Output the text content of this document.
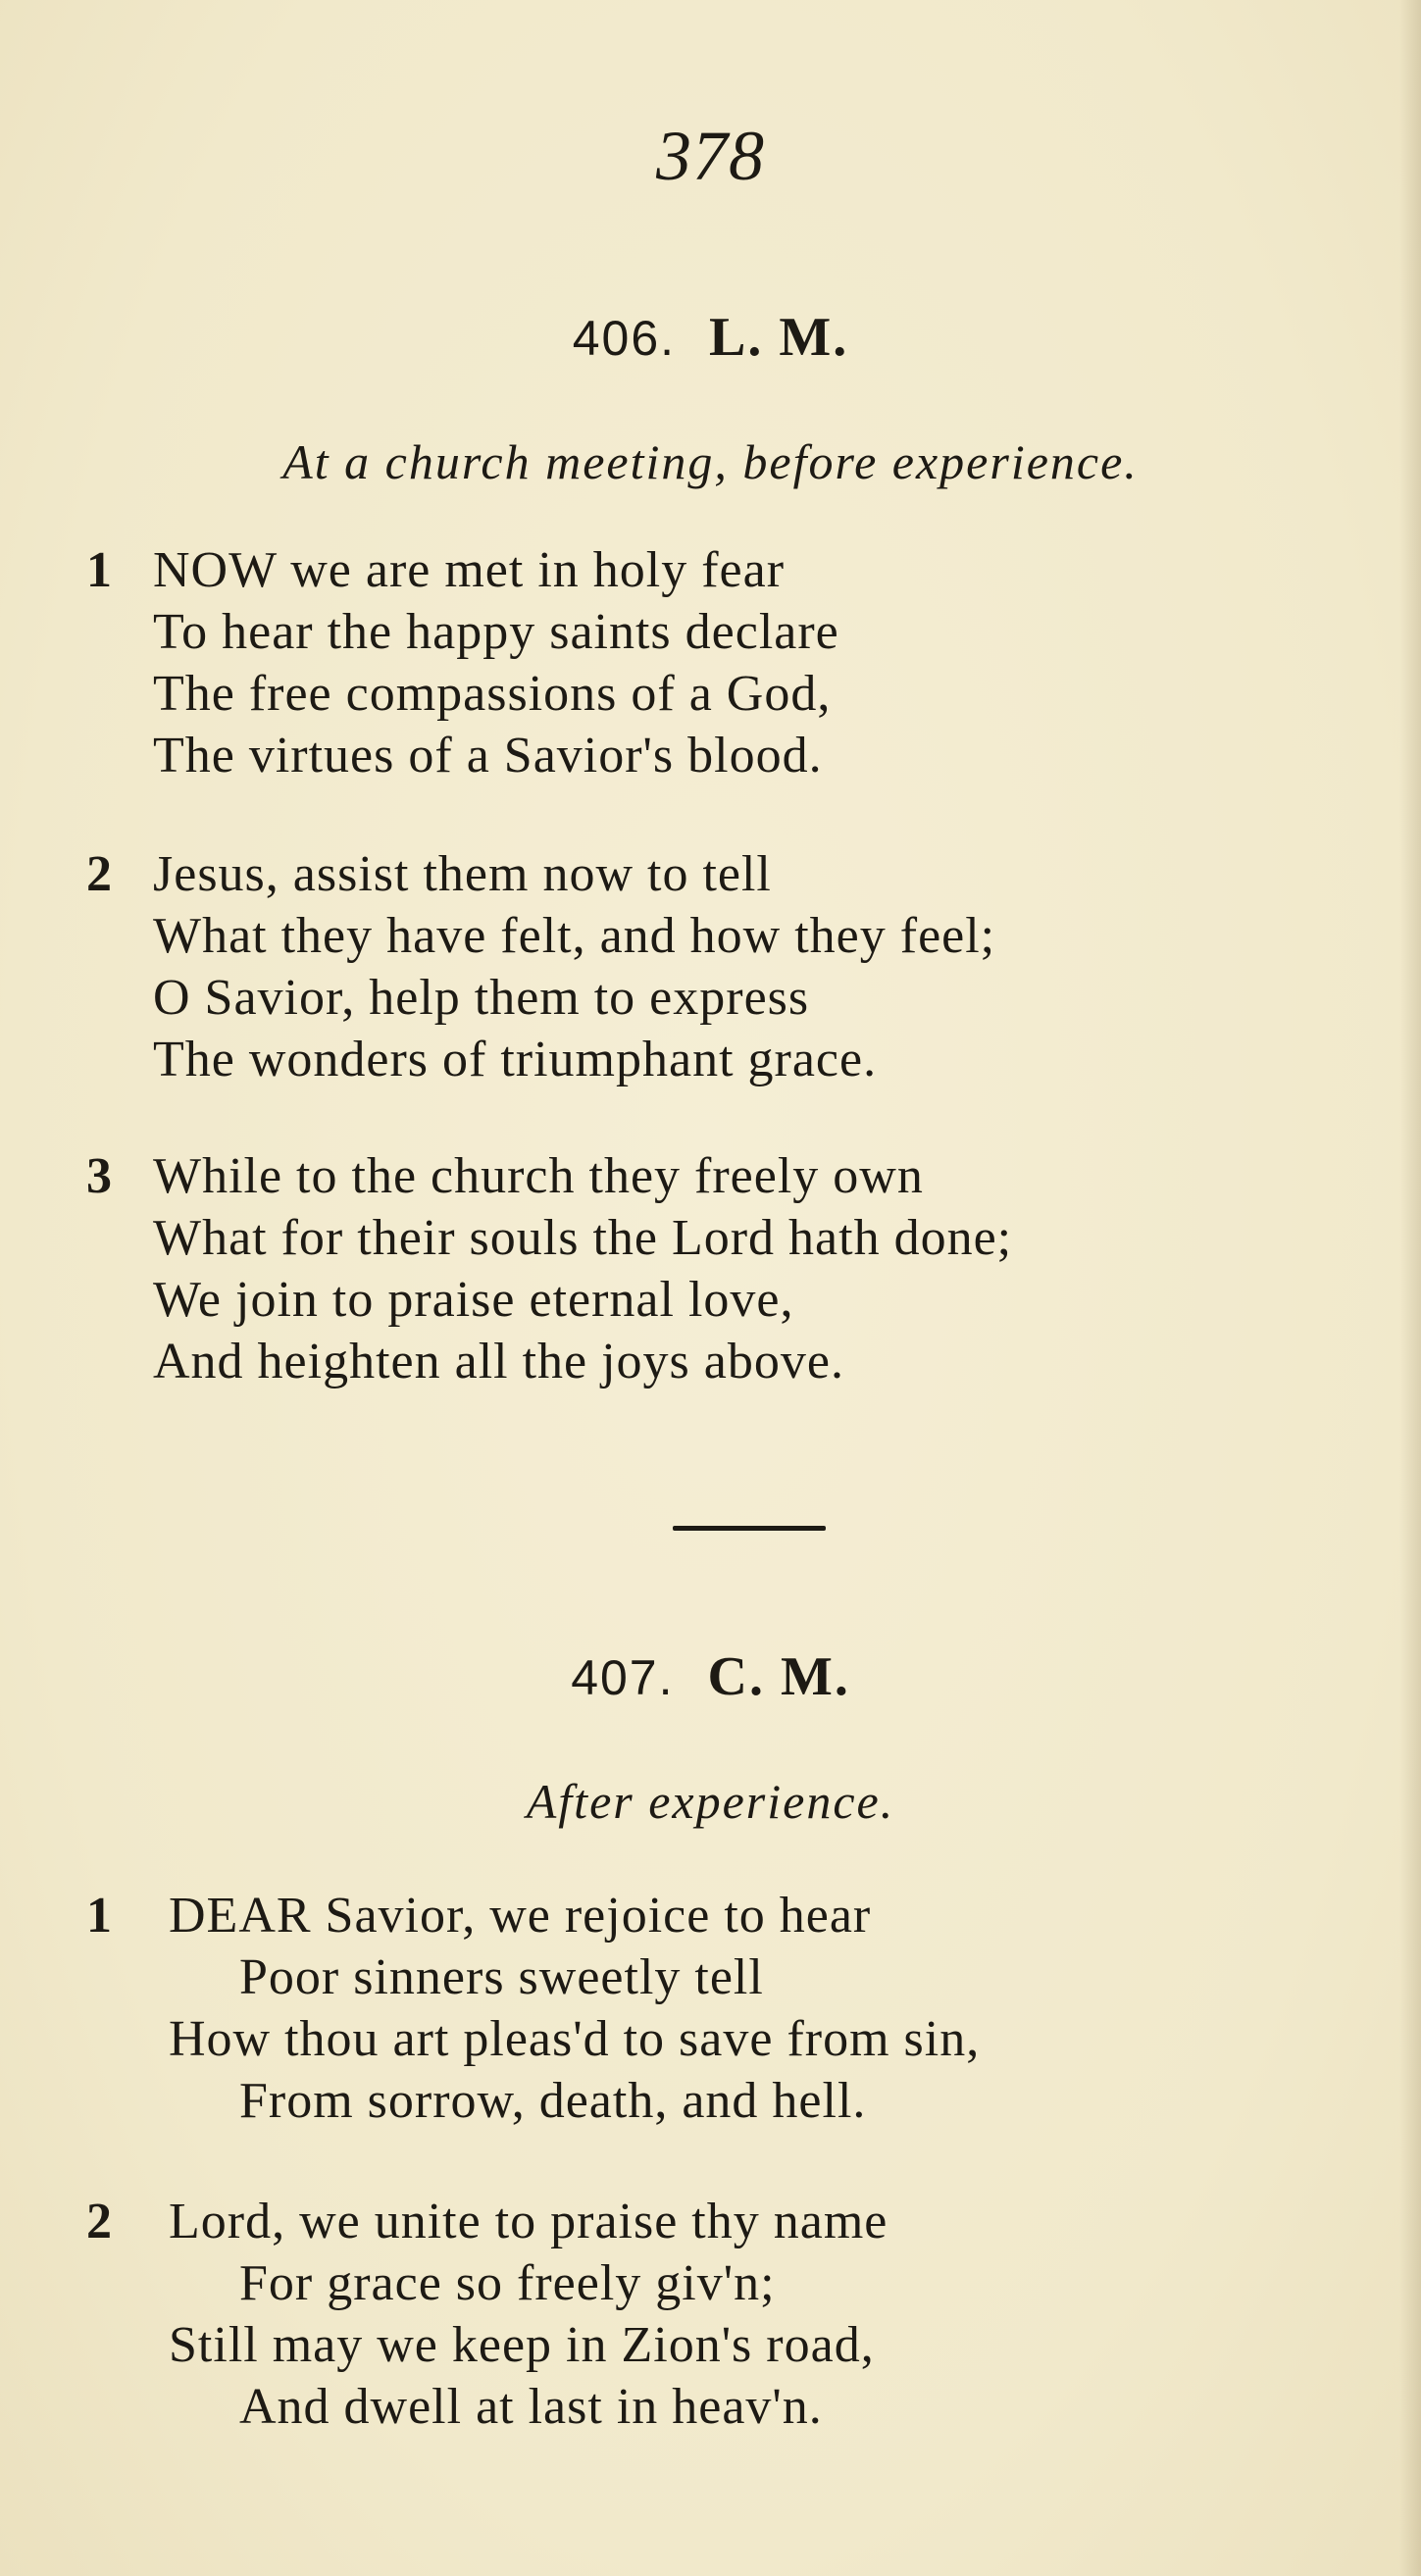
378
406. L. M.
At a church meeting, before experience.
1 NOW we are met in holy fear
To hear the happy saints declare
The free compassions of a God,
The virtues of a Savior's blood.
2 Jesus, assist them now to tell
What they have felt, and how they feel;
O Savior, help them to express
The wonders of triumphant grace.
3 While to the church they freely own
What for their souls the Lord hath done;
We join to praise eternal love,
And heighten all the joys above.
407. C. M.
After experience.
1 DEAR Savior, we rejoice to hear
Poor sinners sweetly tell
How thou art pleas'd to save from sin,
From sorrow, death, and hell.
2 Lord, we unite to praise thy name
For grace so freely giv'n;
Still may we keep in Zion's road,
And dwell at last in heav'n.
